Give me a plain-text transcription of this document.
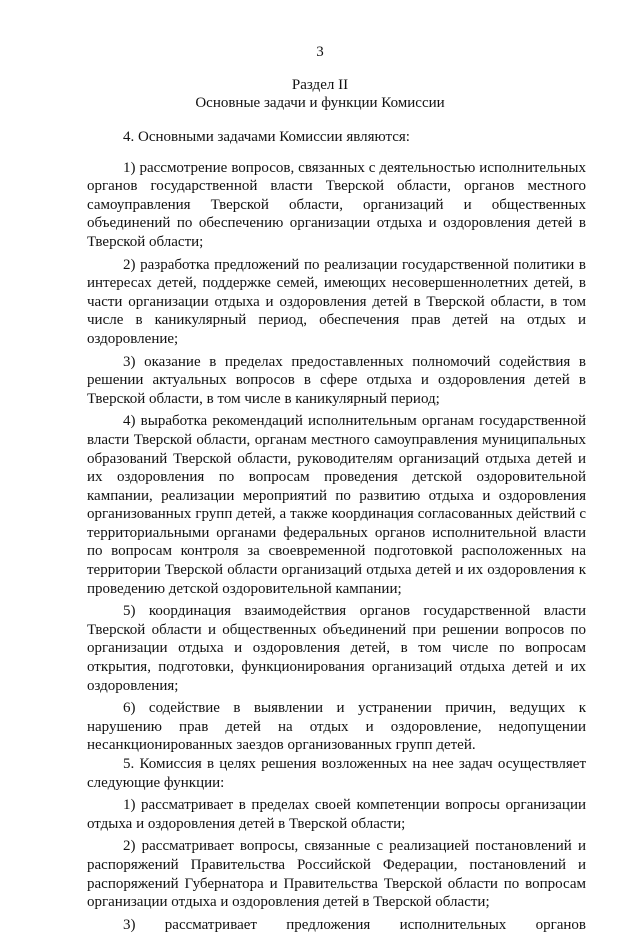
3
Раздел II
Основные задачи и функции Комиссии

4. Основными задачами Комиссии являются:

1) рассмотрение вопросов, связанных с деятельностью исполнительных органов государственной власти Тверской области, органов местного самоуправления Тверской области, организаций и общественных объединений по обеспечению организации отдыха и оздоровления детей в Тверской области;

2) разработка предложений по реализации государственной политики в интересах детей, поддержке семей, имеющих несовершеннолетних детей, в части организации отдыха и оздоровления детей в Тверской области, в том числе в каникулярный период, обеспечения прав детей на отдых и оздоровление;

3) оказание в пределах предоставленных полномочий содействия в решении актуальных вопросов в сфере отдыха и оздоровления детей в Тверской области, в том числе в каникулярный период;

4) выработка рекомендаций исполнительным органам государственной власти Тверской области, органам местного самоуправления муниципальных образований Тверской области, руководителям организаций отдыха детей и их оздоровления по вопросам проведения детской оздоровительной кампании, реализации мероприятий по развитию отдыха и оздоровления организованных групп детей, а также координация согласованных действий с территориальными органами федеральных органов исполнительной власти по вопросам контроля за своевременной подготовкой расположенных на территории Тверской области организаций отдыха детей и их оздоровления к проведению детской оздоровительной кампании;

5) координация взаимодействия органов государственной власти Тверской области и общественных объединений при решении вопросов по организации отдыха и оздоровления детей, в том числе по вопросам открытия, подготовки, функционирования организаций отдыха детей и их оздоровления;

6) содействие в выявлении и устранении причин, ведущих к нарушению прав детей на отдых и оздоровление, недопущении несанкционированных заездов организованных групп детей.

5. Комиссия в целях решения возложенных на нее задач осуществляет следующие функции:

1) рассматривает в пределах своей компетенции вопросы организации отдыха и оздоровления детей в Тверской области;

2) рассматривает вопросы, связанные с реализацией постановлений и распоряжений Правительства Российской Федерации, постановлений и распоряжений Губернатора и Правительства Тверской области по вопросам организации отдыха и оздоровления детей в Тверской области;

3) рассматривает предложения исполнительных органов
